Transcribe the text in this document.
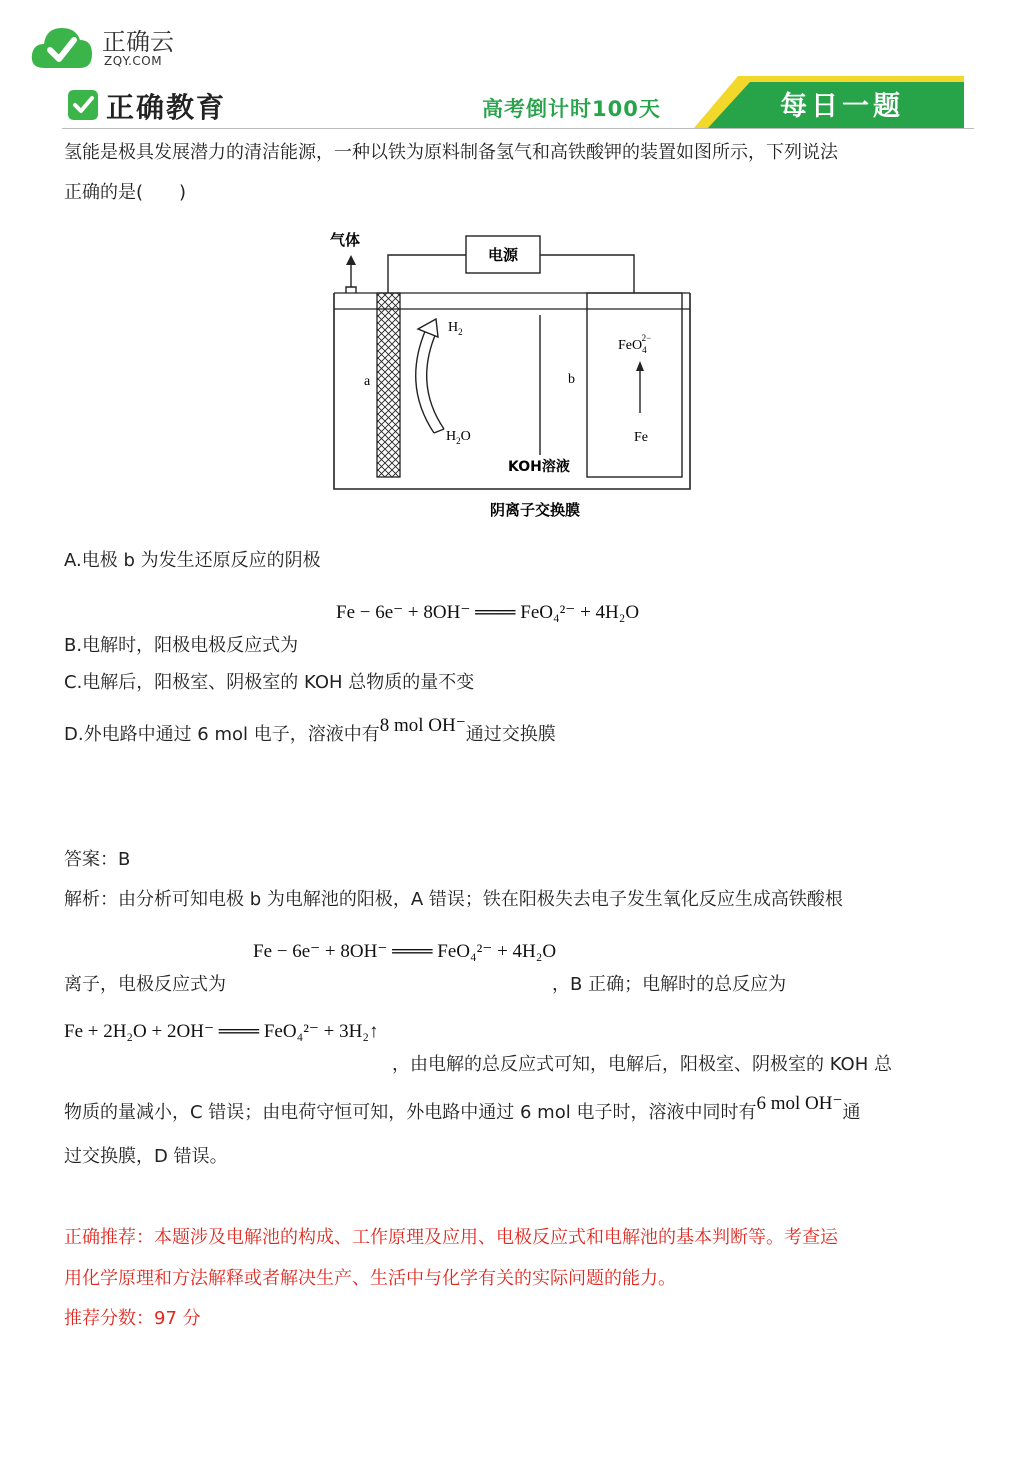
正确云
ZQY.COM
正确教育	高考倒计时100天	每日一题
氢能是极具发展潜力的清洁能源，一种以铁为原料制备氢气和高铁酸钾的装置如图所示，下列说法
正确的是(　　)
电源
气体
a
$H_2$
$H_2O$
b
FeO$_4$2−
Fe
KOH溶液
阴离子交换膜
A.电极 b 为发生还原反应的阴极
Fe − 6e⁻ + 8OH⁻ ═══ FeO₄²⁻ + 4H₂O
B.电解时，阳极电极反应式为
C.电解后，阳极室、阴极室的 KOH 总物质的量不变
D.外电路中通过 6 mol 电子，溶液中有8 mol OH⁻通过交换膜
答案：B
解析：由分析可知电极 b 为电解池的阳极，A 错误；铁在阳极失去电子发生氧化反应生成高铁酸根
Fe − 6e⁻ + 8OH⁻ ═══ FeO₄²⁻ + 4H₂O
离子，电极反应式为	，B 正确；电解时的总反应为
Fe + 2H₂O + 2OH⁻ ═══ FeO₄²⁻ + 3H₂↑
，由电解的总反应式可知，电解后，阳极室、阴极室的 KOH 总
物质的量减小，C 错误；由电荷守恒可知，外电路中通过 6 mol 电子时，溶液中同时有6 mol OH⁻通
过交换膜，D 错误。
正确推荐：本题涉及电解池的构成、工作原理及应用、电极反应式和电解池的基本判断等。考查运
用化学原理和方法解释或者解决生产、生活中与化学有关的实际问题的能力。
推荐分数：97 分
